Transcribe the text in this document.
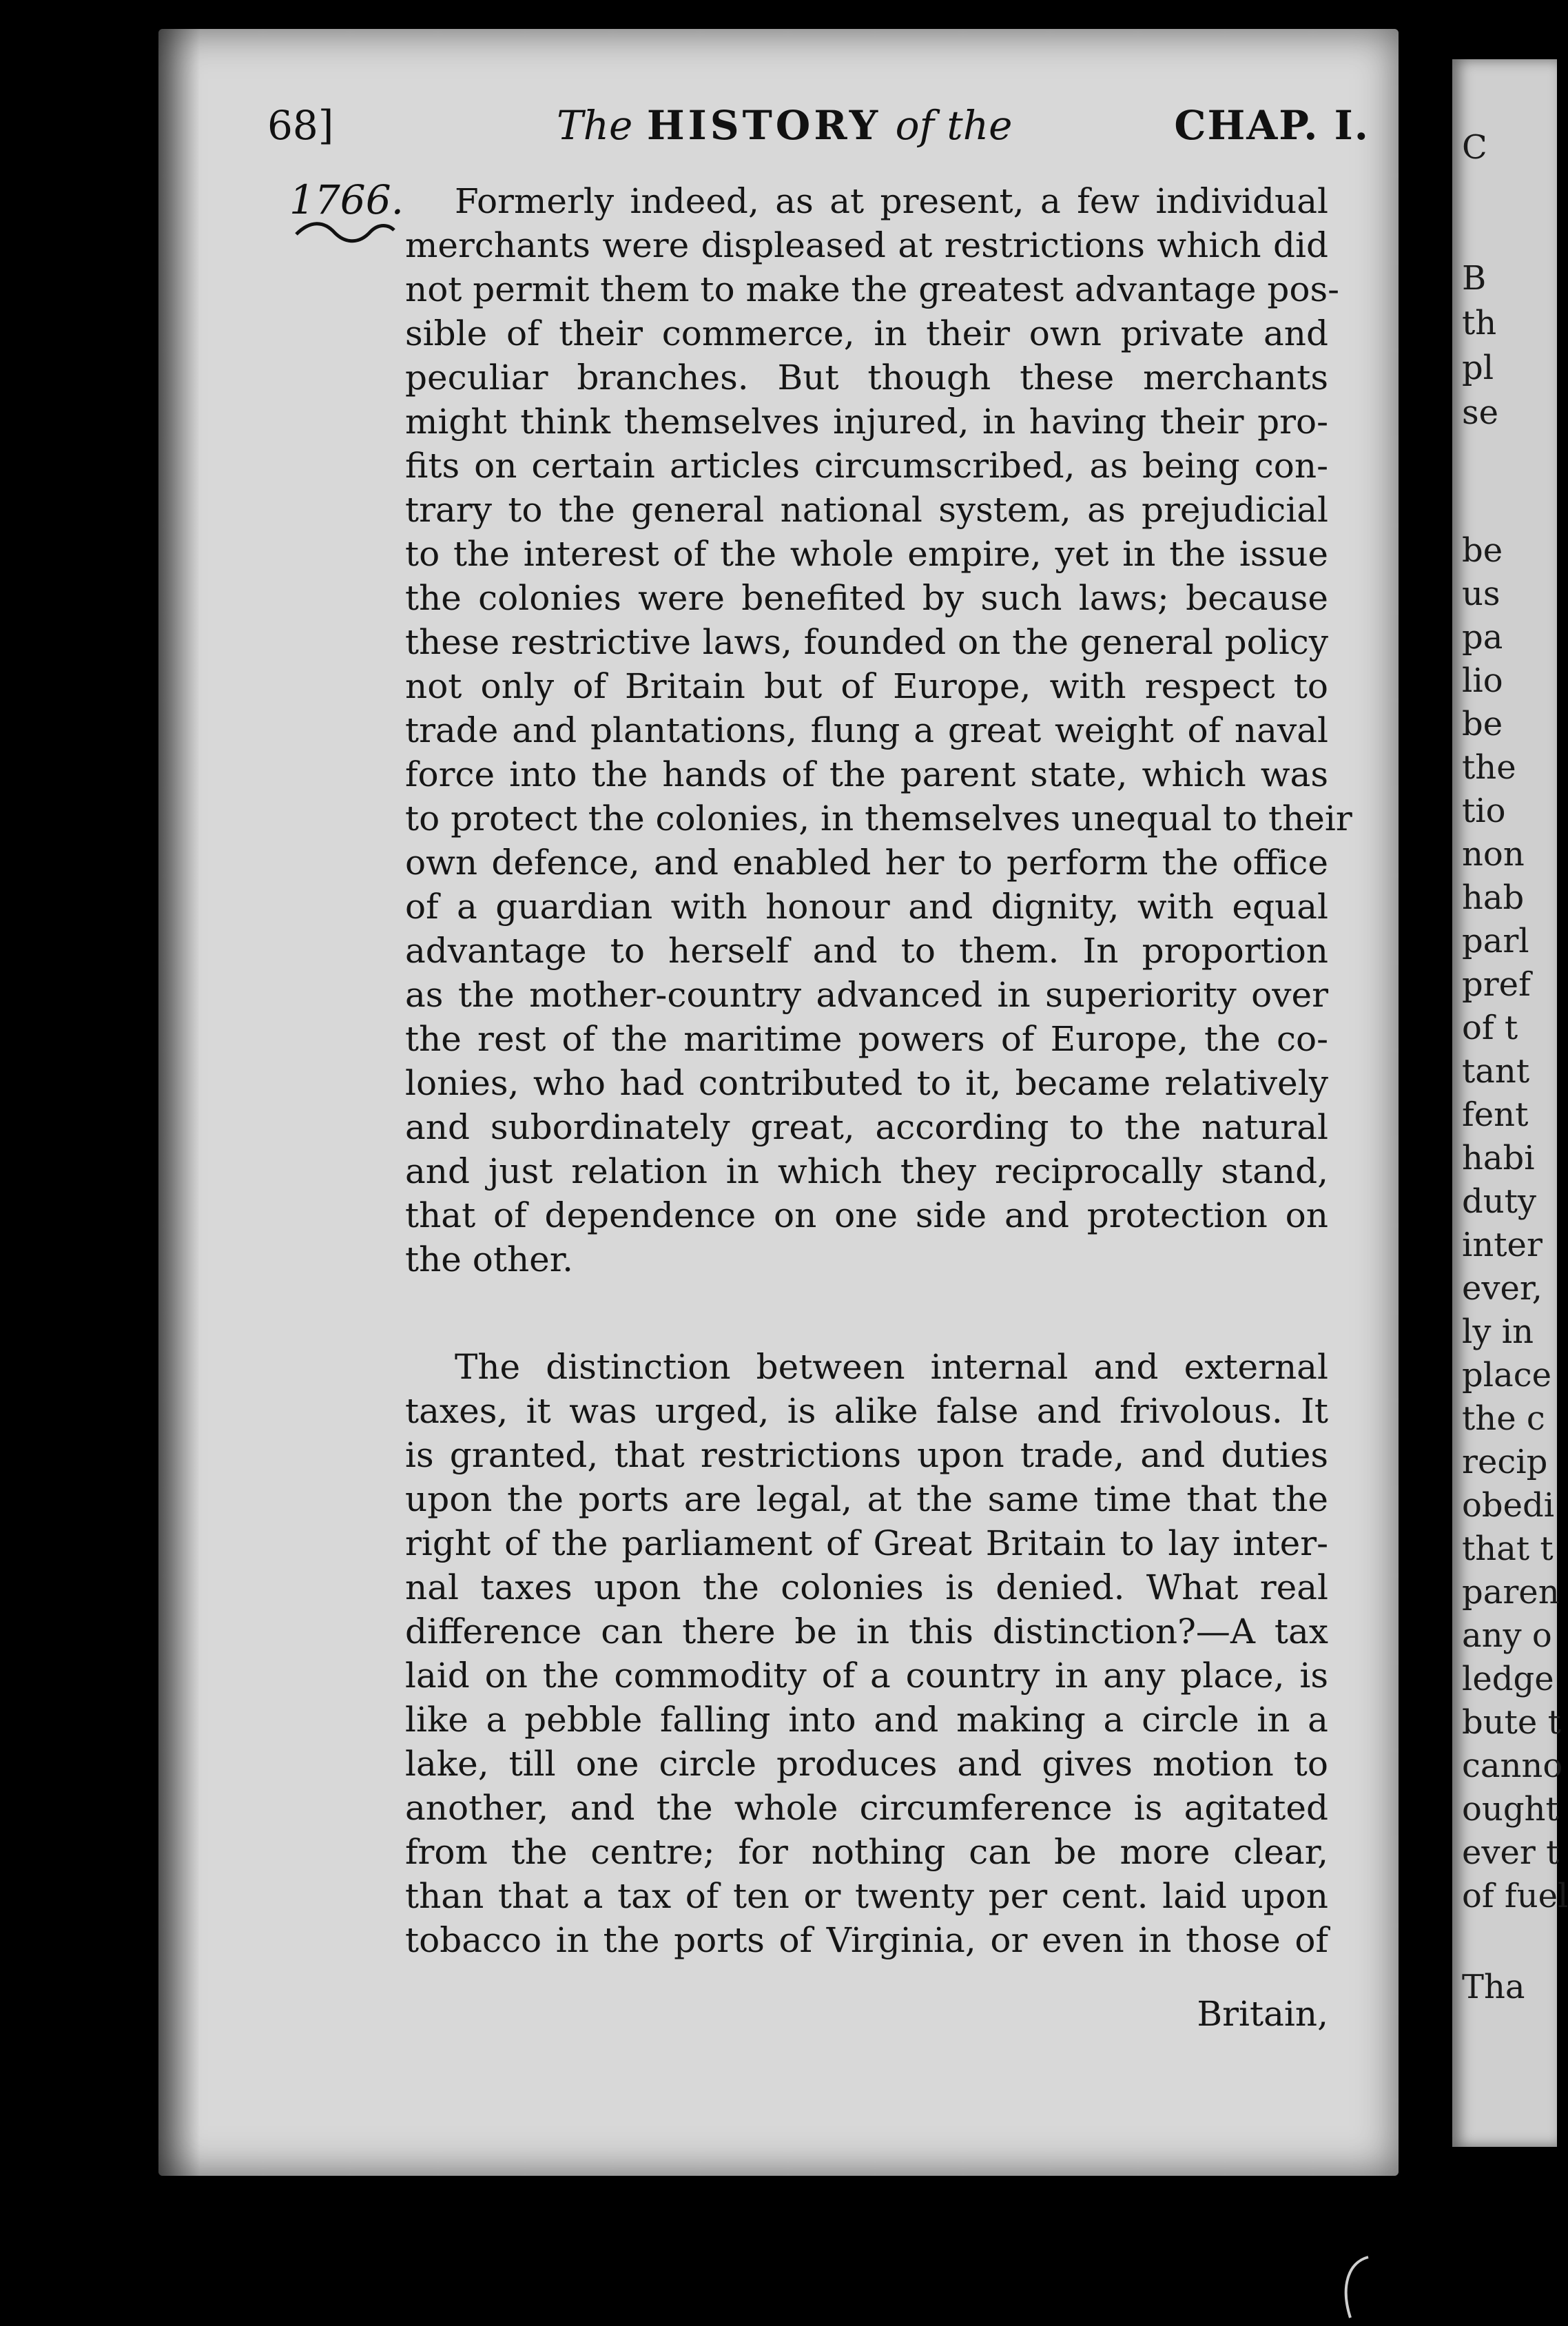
C
B
th
pl
se
be
us
pa
lio
be
the
tio
non
hab
parl
pref
of t
tant
fent
habi
duty
inter
ever,
ly in
place
the c
recip
obedi
that t
paren
any o
ledge
bute t
canno
ought
ever t
of fuel
Tha
68]	The HISTORY of the	CHAP. I.
1766. Formerly indeed, as at present, a few individual
merchants were displeased at restrictions which did
not permit them to make the greatest advantage pos-
sible of their commerce, in their own private and
peculiar branches. But though these merchants
might think themselves injured, in having their pro-
fits on certain articles circumscribed, as being con-
trary to the general national system, as prejudicial
to the interest of the whole empire, yet in the issue
the colonies were benefited by such laws; because
these restrictive laws, founded on the general policy
not only of Britain but of Europe, with respect to
trade and plantations, flung a great weight of naval
force into the hands of the parent state, which was
to protect the colonies, in themselves unequal to their
own defence, and enabled her to perform the office
of a guardian with honour and dignity, with equal
advantage to herself and to them. In proportion
as the mother-country advanced in superiority over
the rest of the maritime powers of Europe, the co-
lonies, who had contributed to it, became relatively
and subordinately great, according to the natural
and just relation in which they reciprocally stand,
that of dependence on one side and protection on
the other.
The distinction between internal and external
taxes, it was urged, is alike false and frivolous. It
is granted, that restrictions upon trade, and duties
upon the ports are legal, at the same time that the
right of the parliament of Great Britain to lay inter-
nal taxes upon the colonies is denied. What real
difference can there be in this distinction?—A tax
laid on the commodity of a country in any place, is
like a pebble falling into and making a circle in a
lake, till one circle produces and gives motion to
another, and the whole circumference is agitated
from the centre; for nothing can be more clear,
than that a tax of ten or twenty per cent. laid upon
tobacco in the ports of Virginia, or even in those of
Britain,
